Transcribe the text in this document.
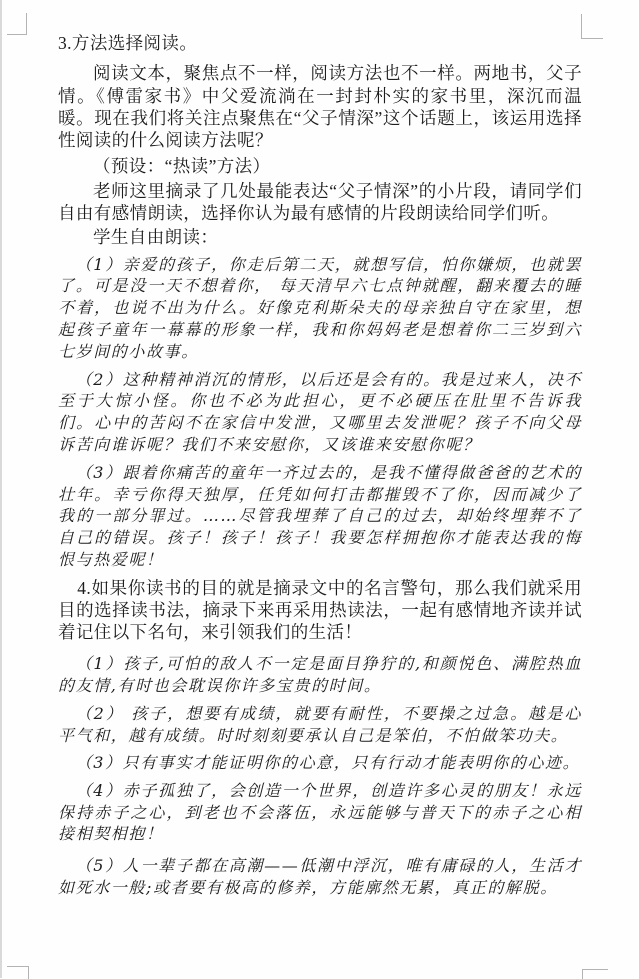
3.方法选择阅读。

阅读文本，聚焦点不一样，阅读方法也不一样。两地书，父子情。《傅雷家书》中父爱流淌在一封封朴实的家书里，深沉而温暖。现在我们将关注点聚焦在“父子情深”这个话题上，该运用选择性阅读的什么阅读方法呢？

（预设：“热读”方法）

老师这里摘录了几处最能表达“父子情深”的小片段，请同学们自由有感情朗读，选择你认为最有感情的片段朗读给同学们听。

学生自由朗读：

（1）亲爱的孩子，你走后第二天，就想写信，怕你嫌烦，也就罢了。可是没一天不想着你， 每天清早六七点钟就醒，翻来覆去的睡不着，也说不出为什么。好像克利斯朵夫的母亲独自守在家里，想起孩子童年一幕幕的形象一样，我和你妈妈老是想着你二三岁到六七岁间的小故事。

（2）这种精神消沉的情形，以后还是会有的。我是过来人，决不至于大惊小怪。你也不必为此担心，更不必硬压在肚里不告诉我们。心中的苦闷不在家信中发泄，又哪里去发泄呢？孩子不向父母诉苦向谁诉呢？我们不来安慰你，又该谁来安慰你呢？

（3）跟着你痛苦的童年一齐过去的，是我不懂得做爸爸的艺术的壮年。幸亏你得天独厚，任凭如何打击都摧毁不了你，因而减少了我的一部分罪过。……尽管我埋葬了自己的过去，却始终埋葬不了自己的错误。孩子！孩子！孩子！我要怎样拥抱你才能表达我的悔恨与热爱呢！

4.如果你读书的目的就是摘录文中的名言警句，那么我们就采用目的选择读书法，摘录下来再采用热读法，一起有感情地齐读并试着记住以下名句，来引领我们的生活！

（1）孩子,可怕的敌人不一定是面目狰狞的,和颜悦色、满腔热血的友情,有时也会耽误你许多宝贵的时间。

（2） 孩子，想要有成绩，就要有耐性，不要操之过急。越是心平气和，越有成绩。时时刻刻要承认自己是笨伯，不怕做笨功夫。

（3）只有事实才能证明你的心意，只有行动才能表明你的心迹。

（4）赤子孤独了，会创造一个世界，创造许多心灵的朋友！永远保持赤子之心，到老也不会落伍，永远能够与普天下的赤子之心相接相契相抱！

（5）人一辈子都在高潮——低潮中浮沉，唯有庸碌的人，生活才如死水一般;或者要有极高的修养，方能廓然无累，真正的解脱。
